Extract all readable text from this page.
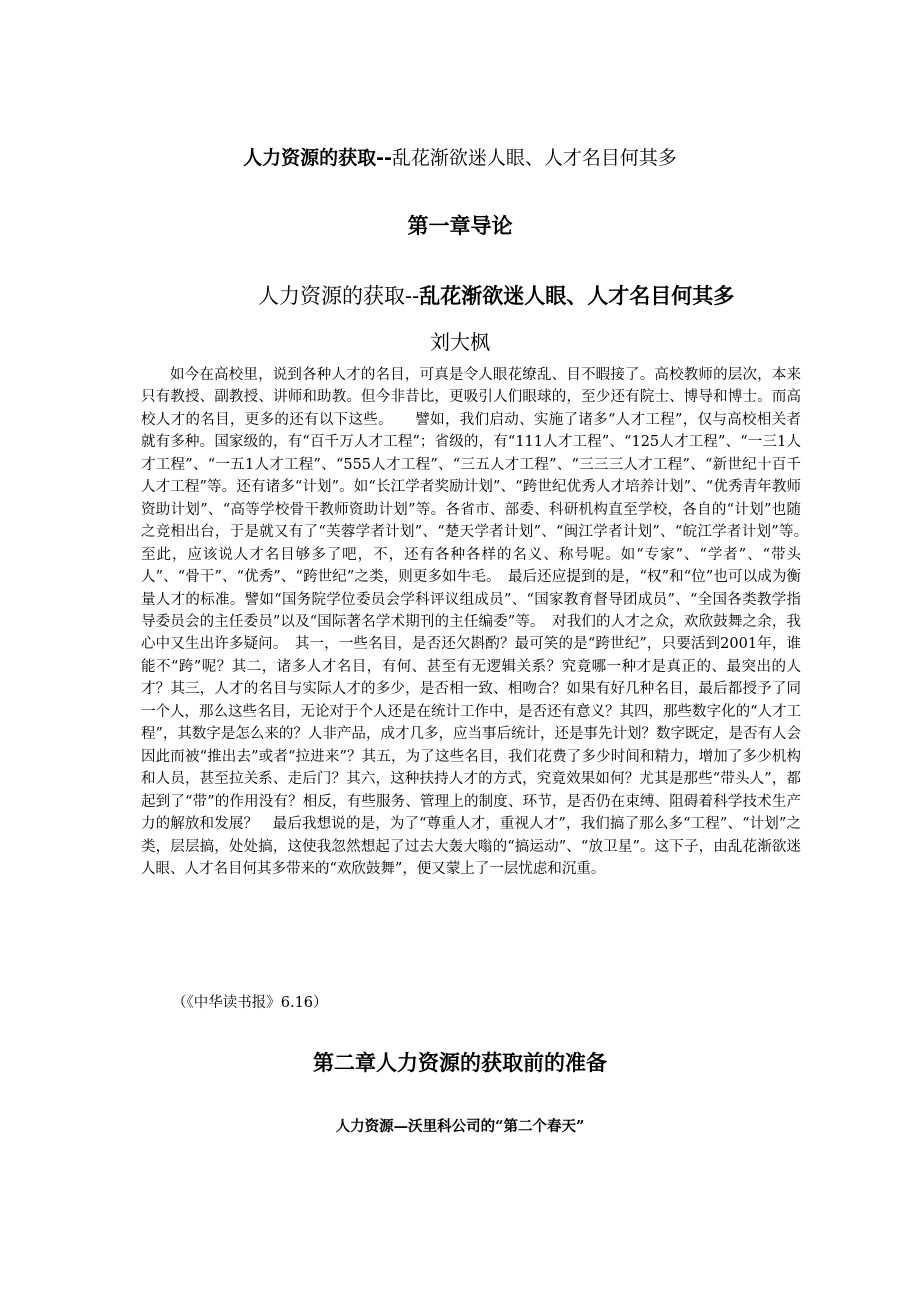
人力资源的获取--乱花渐欲迷人眼、人才名目何其多
第一章导论
人力资源的获取--乱花渐欲迷人眼、人才名目何其多
刘大枫

如今在高校里，说到各种人才的名目，可真是令人眼花缭乱、目不暇接了。高校教师的层次，本来只有教授、副教授、讲师和助教。但今非昔比，更吸引人们眼球的，至少还有院士、博导和博士。而高校人才的名目，更多的还有以下这些。　　譬如，我们启动、实施了诸多“人才工程”，仅与高校相关者就有多种。国家级的，有“百千万人才工程”；省级的，有“111人才工程”、“125人才工程”、“一三1人才工程”、“一五1人才工程”、“555人才工程”、“三五人才工程”、“三三三人才工程”、“新世纪十百千人才工程”等。还有诸多“计划”。如“长江学者奖励计划”、“跨世纪优秀人才培养计划”、“优秀青年教师资助计划”、“高等学校骨干教师资助计划”等。各省市、部委、科研机构直至学校，各自的“计划”也随之竞相出台，于是就又有了“芙蓉学者计划”、“楚天学者计划”、“闽江学者计划”、“皖江学者计划”等。　至此，应该说人才名目够多了吧，不，还有各种各样的名义、称号呢。如“专家”、“学者”、“带头人”、“骨干”、“优秀”、“跨世纪”之类，则更多如牛毛。　最后还应提到的是，“权”和“位”也可以成为衡量人才的标准。譬如“国务院学位委员会学科评议组成员”、“国家教育督导团成员”、“全国各类教学指导委员会的主任委员”以及“国际著名学术期刊的主任编委”等。　对我们的人才之众，欢欣鼓舞之余，我心中又生出许多疑问。　其一，一些名目，是否还欠斟酌？最可笑的是“跨世纪”，只要活到2001年，谁能不“跨”呢？其二，诸多人才名目，有何、甚至有无逻辑关系？究竟哪一种才是真正的、最突出的人才？其三，人才的名目与实际人才的多少，是否相一致、相吻合？如果有好几种名目，最后都授予了同一个人，那么这些名目，无论对于个人还是在统计工作中，是否还有意义？其四，那些数字化的“人才工程”，其数字是怎么来的？人非产品，成才几多，应当事后统计，还是事先计划？数字既定，是否有人会因此而被“推出去”或者“拉进来”？其五，为了这些名目，我们花费了多少时间和精力，增加了多少机构和人员，甚至拉关系、走后门？其六，这种扶持人才的方式，究竟效果如何？尤其是那些“带头人”，都起到了“带”的作用没有？相反，有些服务、管理上的制度、环节，是否仍在束缚、阻碍着科学技术生产力的解放和发展？　最后我想说的是，为了“尊重人才，重视人才”，我们搞了那么多“工程”、“计划”之类，层层搞，处处搞，这使我忽然想起了过去大轰大嗡的“搞运动”、“放卫星”。这下子，由乱花渐欲迷人眼、人才名目何其多带来的“欢欣鼓舞”，便又蒙上了一层忧虑和沉重。

（《中华读书报》6.16）
第二章人力资源的获取前的准备
人力资源—沃里科公司的“第二个春天”
